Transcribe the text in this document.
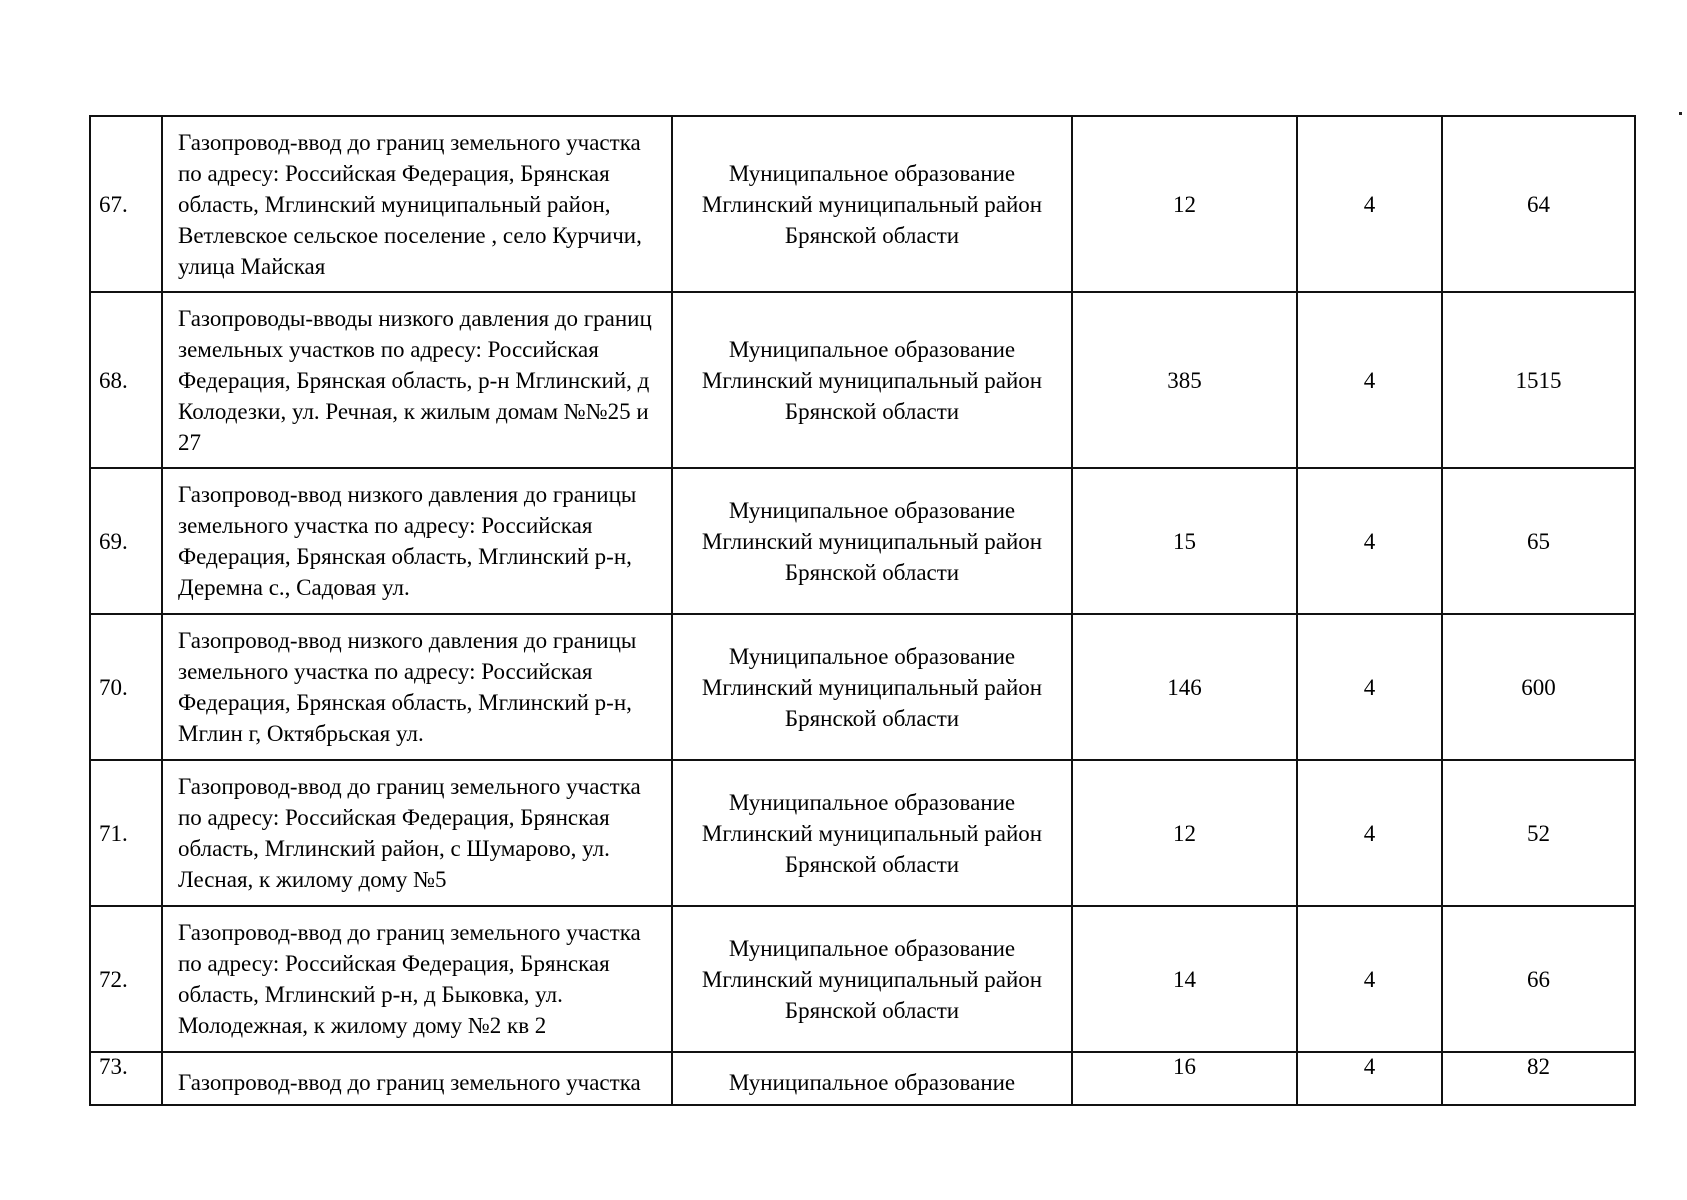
67.	Газопровод-ввод до границ земельного участка по адресу: Российская Федерация, Брянская область, Мглинский муниципальный район, Ветлевское сельское поселение , село Курчичи, улица Майская	Муниципальное образование Мглинский муниципальный район Брянской области	12	4	64
68.	Газопроводы-вводы низкого давления до границ земельных участков по адресу: Российская Федерация, Брянская область, р-н Мглинский, д Колодезки, ул. Речная, к жилым домам №№25 и 27	Муниципальное образование Мглинский муниципальный район Брянской области	385	4	1515
69.	Газопровод-ввод низкого давления до границы земельного участка по адресу: Российская Федерация, Брянская область, Мглинский р-н, Деремна с., Садовая ул.	Муниципальное образование Мглинский муниципальный район Брянской области	15	4	65
70.	Газопровод-ввод низкого давления до границы земельного участка по адресу: Российская Федерация, Брянская область, Мглинский р-н, Мглин г, Октябрьская ул.	Муниципальное образование Мглинский муниципальный район Брянской области	146	4	600
71.	Газопровод-ввод до границ земельного участка по адресу: Российская Федерация, Брянская область, Мглинский район, с Шумарово, ул. Лесная, к жилому дому №5	Муниципальное образование Мглинский муниципальный район Брянской области	12	4	52
72.	Газопровод-ввод до границ земельного участка по адресу: Российская Федерация, Брянская область, Мглинский р-н, д Быковка, ул. Молодежная, к жилому дому №2 кв 2	Муниципальное образование Мглинский муниципальный район Брянской области	14	4	66
73.	Газопровод-ввод до границ земельного участка	Муниципальное образование	16	4	82
